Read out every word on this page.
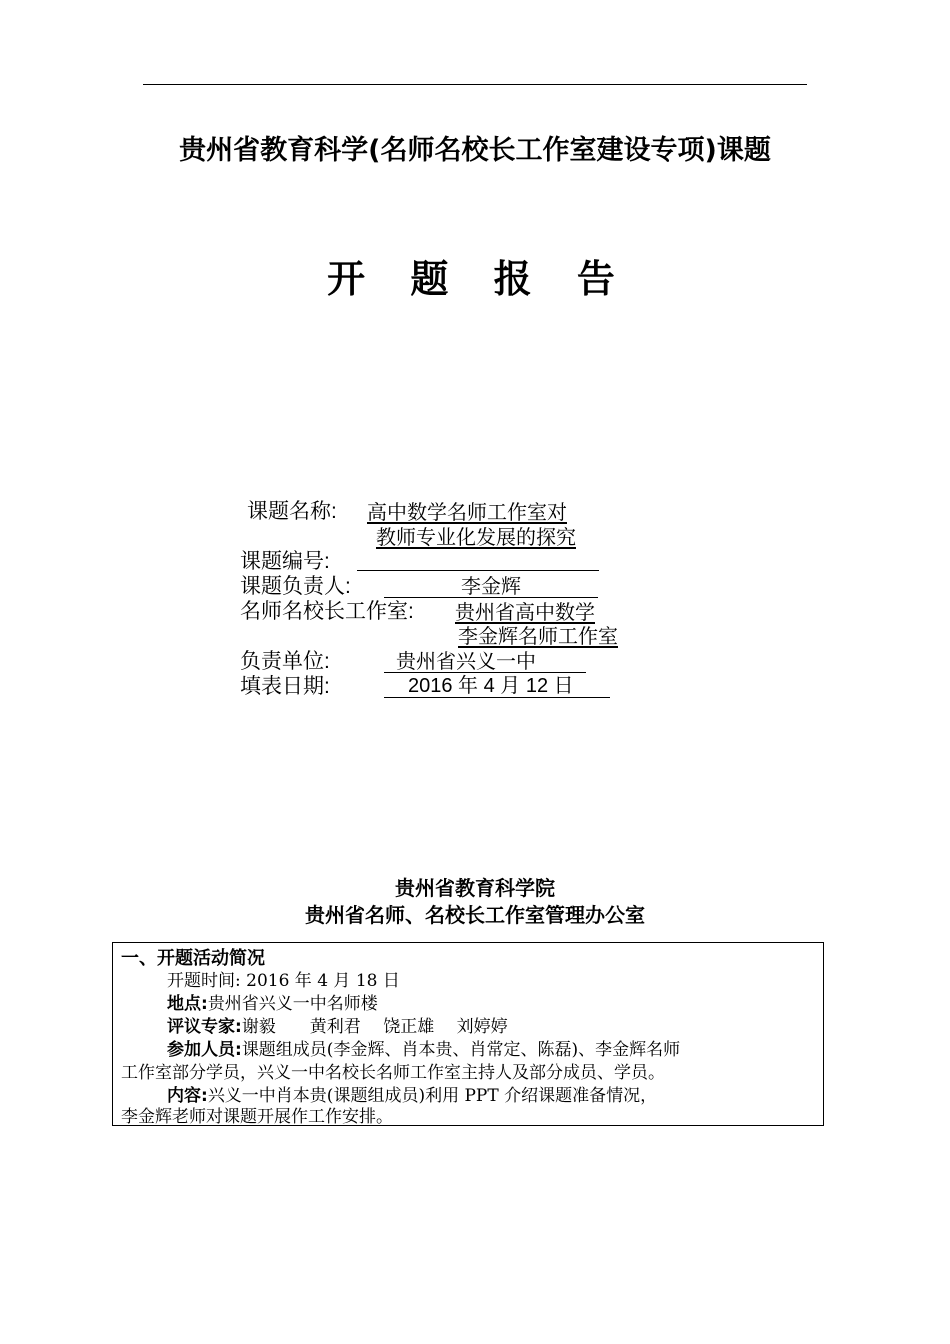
贵州省教育科学(名师名校长工作室建设专项)课题
开 题 报 告
课题名称: 高中数学名师工作室对
教师专业化发展的探究
课题编号:
课题负责人:	李金辉
名师名校长工作室: 贵州省高中数学
李金辉名师工作室
负责单位:	贵州省兴义一中
填表日期:	2016 年 4 月 12 日
贵州省教育科学院
贵州省名师、名校长工作室管理办公室
一、开题活动简况
开题时间: 2016 年 4 月 18 日
地点:贵州省兴义一中名师楼
评议专家:谢毅　　黄利君　 饶正雄　 刘婷婷
参加人员:课题组成员(李金辉、肖本贵、肖常定、陈磊)、李金辉名师
工作室部分学员，兴义一中名校长名师工作室主持人及部分成员、学员。
内容:兴义一中肖本贵(课题组成员)利用 PPT 介绍课题准备情况，
李金辉老师对课题开展作工作安排。
